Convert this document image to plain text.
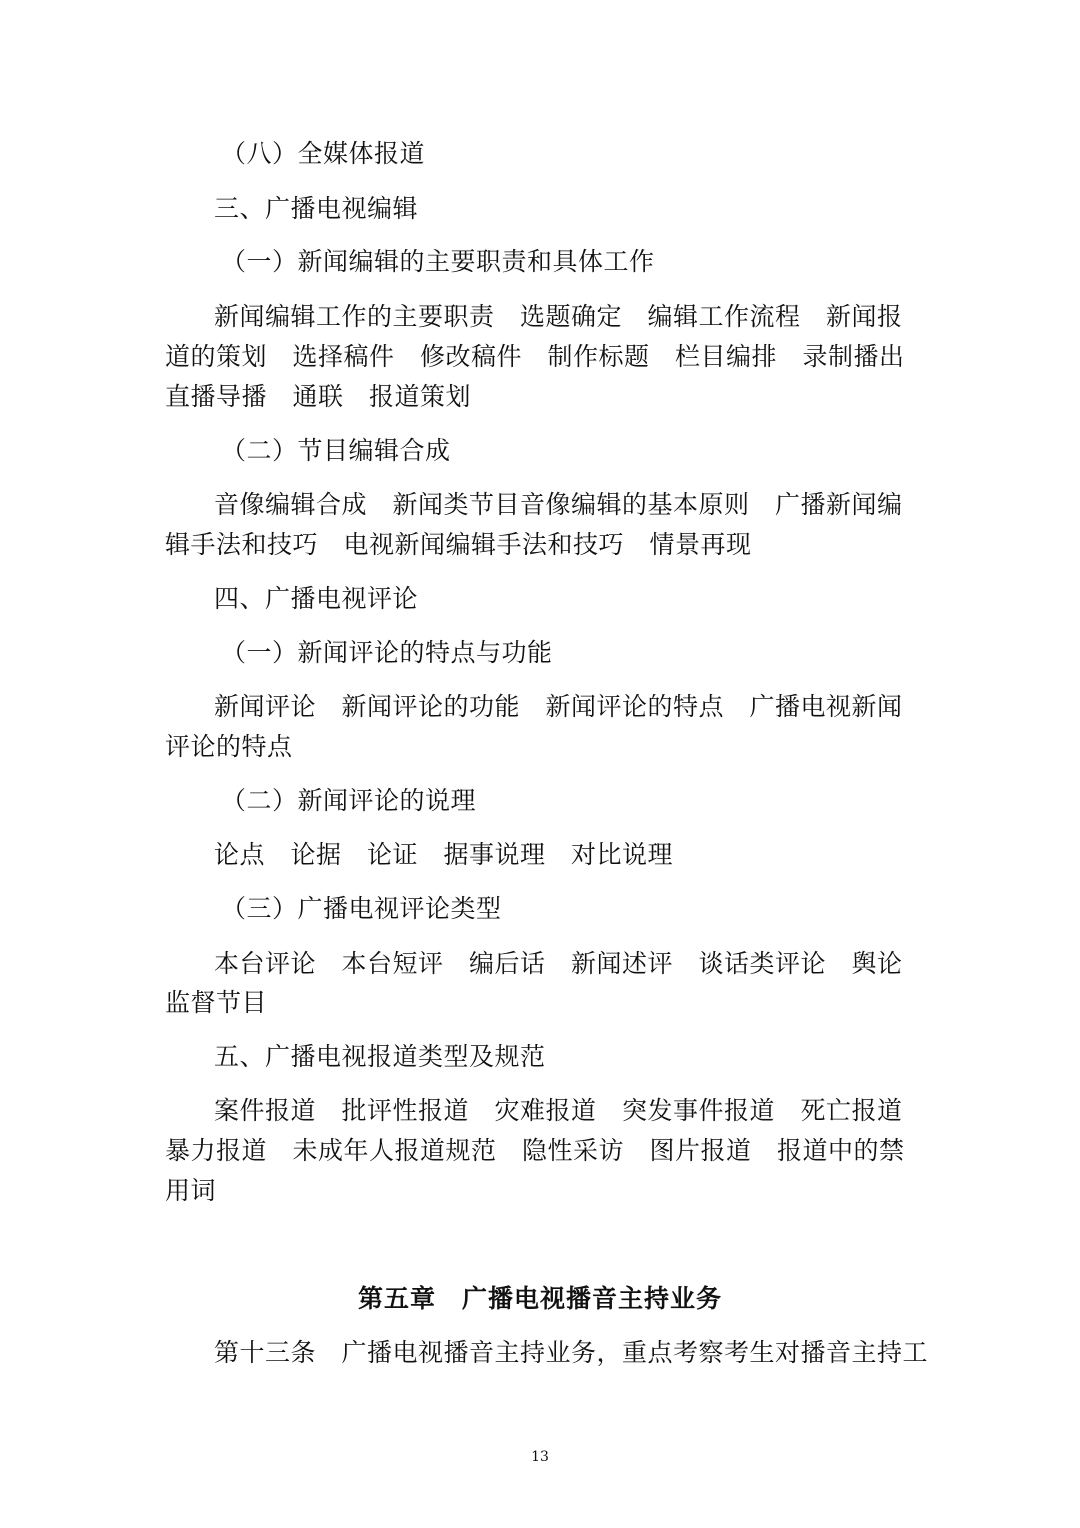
（八）全媒体报道
三、广播电视编辑
（一）新闻编辑的主要职责和具体工作
新闻编辑工作的主要职责　选题确定　编辑工作流程　新闻报
道的策划　选择稿件　修改稿件　制作标题　栏目编排　录制播出
直播导播　通联　报道策划
（二）节目编辑合成
音像编辑合成　新闻类节目音像编辑的基本原则　广播新闻编
辑手法和技巧　电视新闻编辑手法和技巧　情景再现
四、广播电视评论
（一）新闻评论的特点与功能
新闻评论　新闻评论的功能　新闻评论的特点　广播电视新闻
评论的特点
（二）新闻评论的说理
论点　论据　论证　据事说理　对比说理
（三）广播电视评论类型
本台评论　本台短评　编后话　新闻述评　谈话类评论　舆论
监督节目
五、广播电视报道类型及规范
案件报道　批评性报道　灾难报道　突发事件报道　死亡报道
暴力报道　未成年人报道规范　隐性采访　图片报道　报道中的禁
用词
第五章　广播电视播音主持业务
第十三条　广播电视播音主持业务，重点考察考生对播音主持工
13
